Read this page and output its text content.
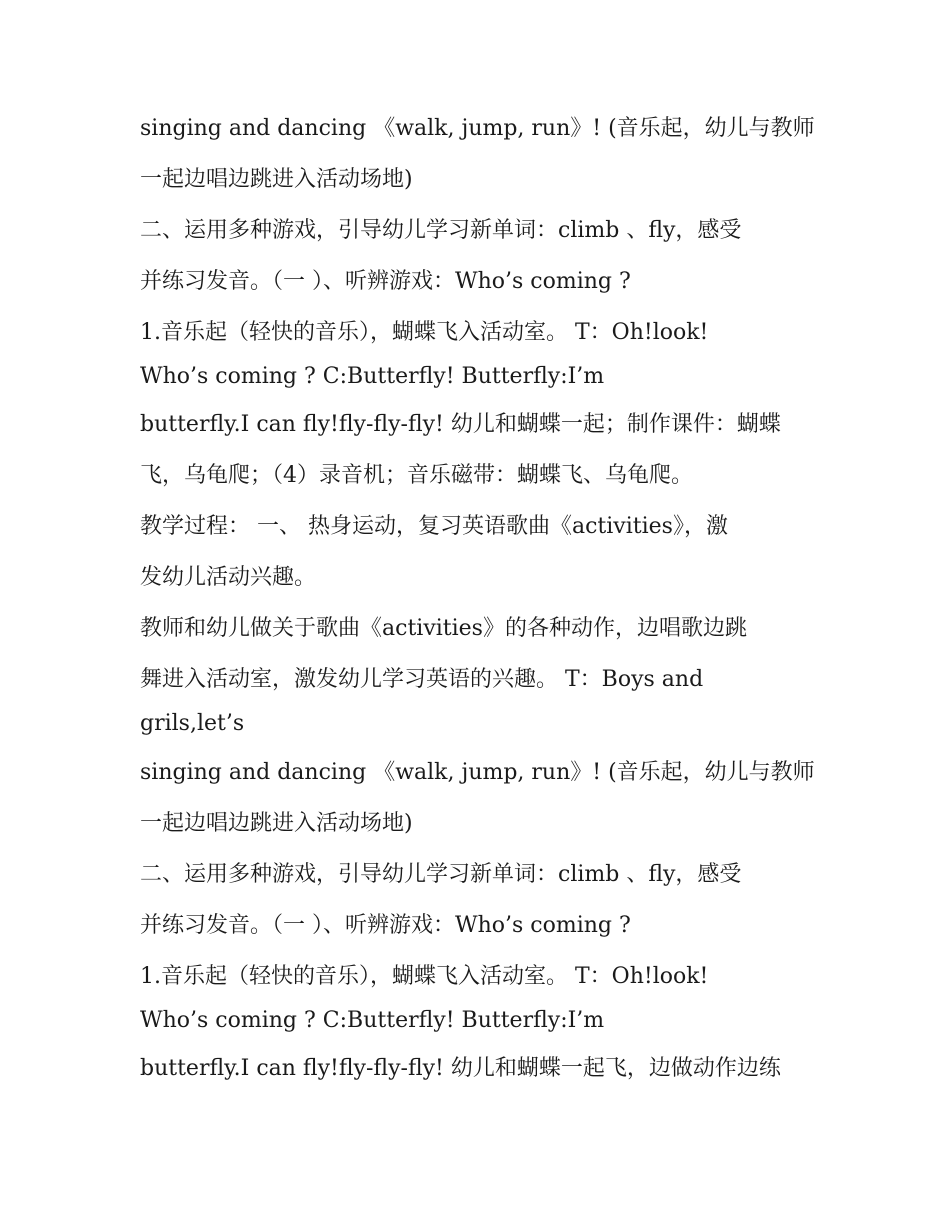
singing and dancing 《walk, jump, run》! (音乐起，幼儿与教师
一起边唱边跳进入活动场地)
二、运用多种游戏，引导幼儿学习新单词：climb 、fly，感受
并练习发音。（一 ）、听辨游戏：Who’s coming ?
1.音乐起（轻快的音乐），蝴蝶飞入活动室。 T：Oh!look!
Who’s coming ? C:Butterfly! Butterfly:I’m
butterfly.I can fly!fly-fly-fly! 幼儿和蝴蝶一起；制作课件：蝴蝶
飞，乌龟爬；（4）录音机；音乐磁带：蝴蝶飞、乌龟爬。
教学过程： 一、 热身运动，复习英语歌曲《activities》，激
发幼儿活动兴趣。
教师和幼儿做关于歌曲《activities》的各种动作，边唱歌边跳
舞进入活动室，激发幼儿学习英语的兴趣。 T：Boys and
grils,let’s
singing and dancing 《walk, jump, run》! (音乐起，幼儿与教师
一起边唱边跳进入活动场地)
二、运用多种游戏，引导幼儿学习新单词：climb 、fly，感受
并练习发音。（一 ）、听辨游戏：Who’s coming ?
1.音乐起（轻快的音乐），蝴蝶飞入活动室。 T：Oh!look!
Who’s coming ? C:Butterfly! Butterfly:I’m
butterfly.I can fly!fly-fly-fly! 幼儿和蝴蝶一起飞，边做动作边练
